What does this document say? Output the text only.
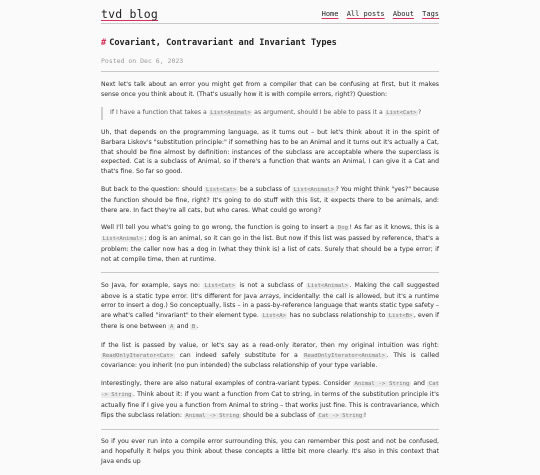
tvd blog	Home All posts About Tags
# Covariant, Contravariant and Invariant Types
Posted on Dec 6, 2023

Next let's talk about an error you might get from a compiler that can be confusing at first, but it makes sense once you think about it. (That's usually how it is with compile errors, right?) Question:

If I have a function that takes a List<Animal> as argument, should I be able to pass it a List<Cat> ?

Uh, that depends on the programming language, as it turns out – but let's think about it in the spirit of Barbara Liskov's "substitution principle:" if something has to be an Animal and it turns out it's actually a Cat, that should be fine almost by definition: instances of the subclass are acceptable where the superclass is expected. Cat is a subclass of Animal, so if there's a function that wants an Animal, I can give it a Cat and that's fine. So far so good.

But back to the question: should List<Cat> be a subclass of List<Animal> ? You might think "yes?" because the function should be fine, right? It's going to do stuff with this list, it expects there to be animals, and: there are. In fact they're all cats, but who cares. What could go wrong?

Well I'll tell you what's going to go wrong, the function is going to insert a Dog ! As far as it knows, this is a List<Animal> ; dog is an animal, so it can go in the list. But now if this list was passed by reference, that's a problem: the caller now has a dog in (what they think is) a list of cats. Surely that should be a type error; if not at compile time, then at runtime.

So Java, for example, says no: List<Cat> is not a subclass of List<Animal> . Making the call suggested above is a static type error. (It's different for Java arrays, incidentally: the call is allowed, but it's a runtime error to insert a dog.) So conceptually, lists – in a pass-by-reference language that wants static type safety – are what's called "invariant" to their element type. List<A> has no subclass relationship to List<B> , even if there is one between A and B .

If the list is passed by value, or let's say as a read-only iterator, then my original intuition was right: ReadOnlyIterator<Cat> can indeed safely substitute for a ReadOnlyIterator<Animal> . This is called covariance: you inherit (no pun intended) the subclass relationship of your type variable.

Interestingly, there are also natural examples of contra-variant types. Consider Animal -> String and Cat -> String . Think about it: if you want a function from Cat to string, in terms of the substitution principle it's actually fine if I give you a function from Animal to string – that works just fine. This is contravariance, which flips the subclass relation: Animal -> String should be a subclass of Cat -> String !

So if you ever run into a compile error surrounding this, you can remember this post and not be confused, and hopefully it helps you think about these concepts a little bit more clearly. It's also in this context that Java ends up
